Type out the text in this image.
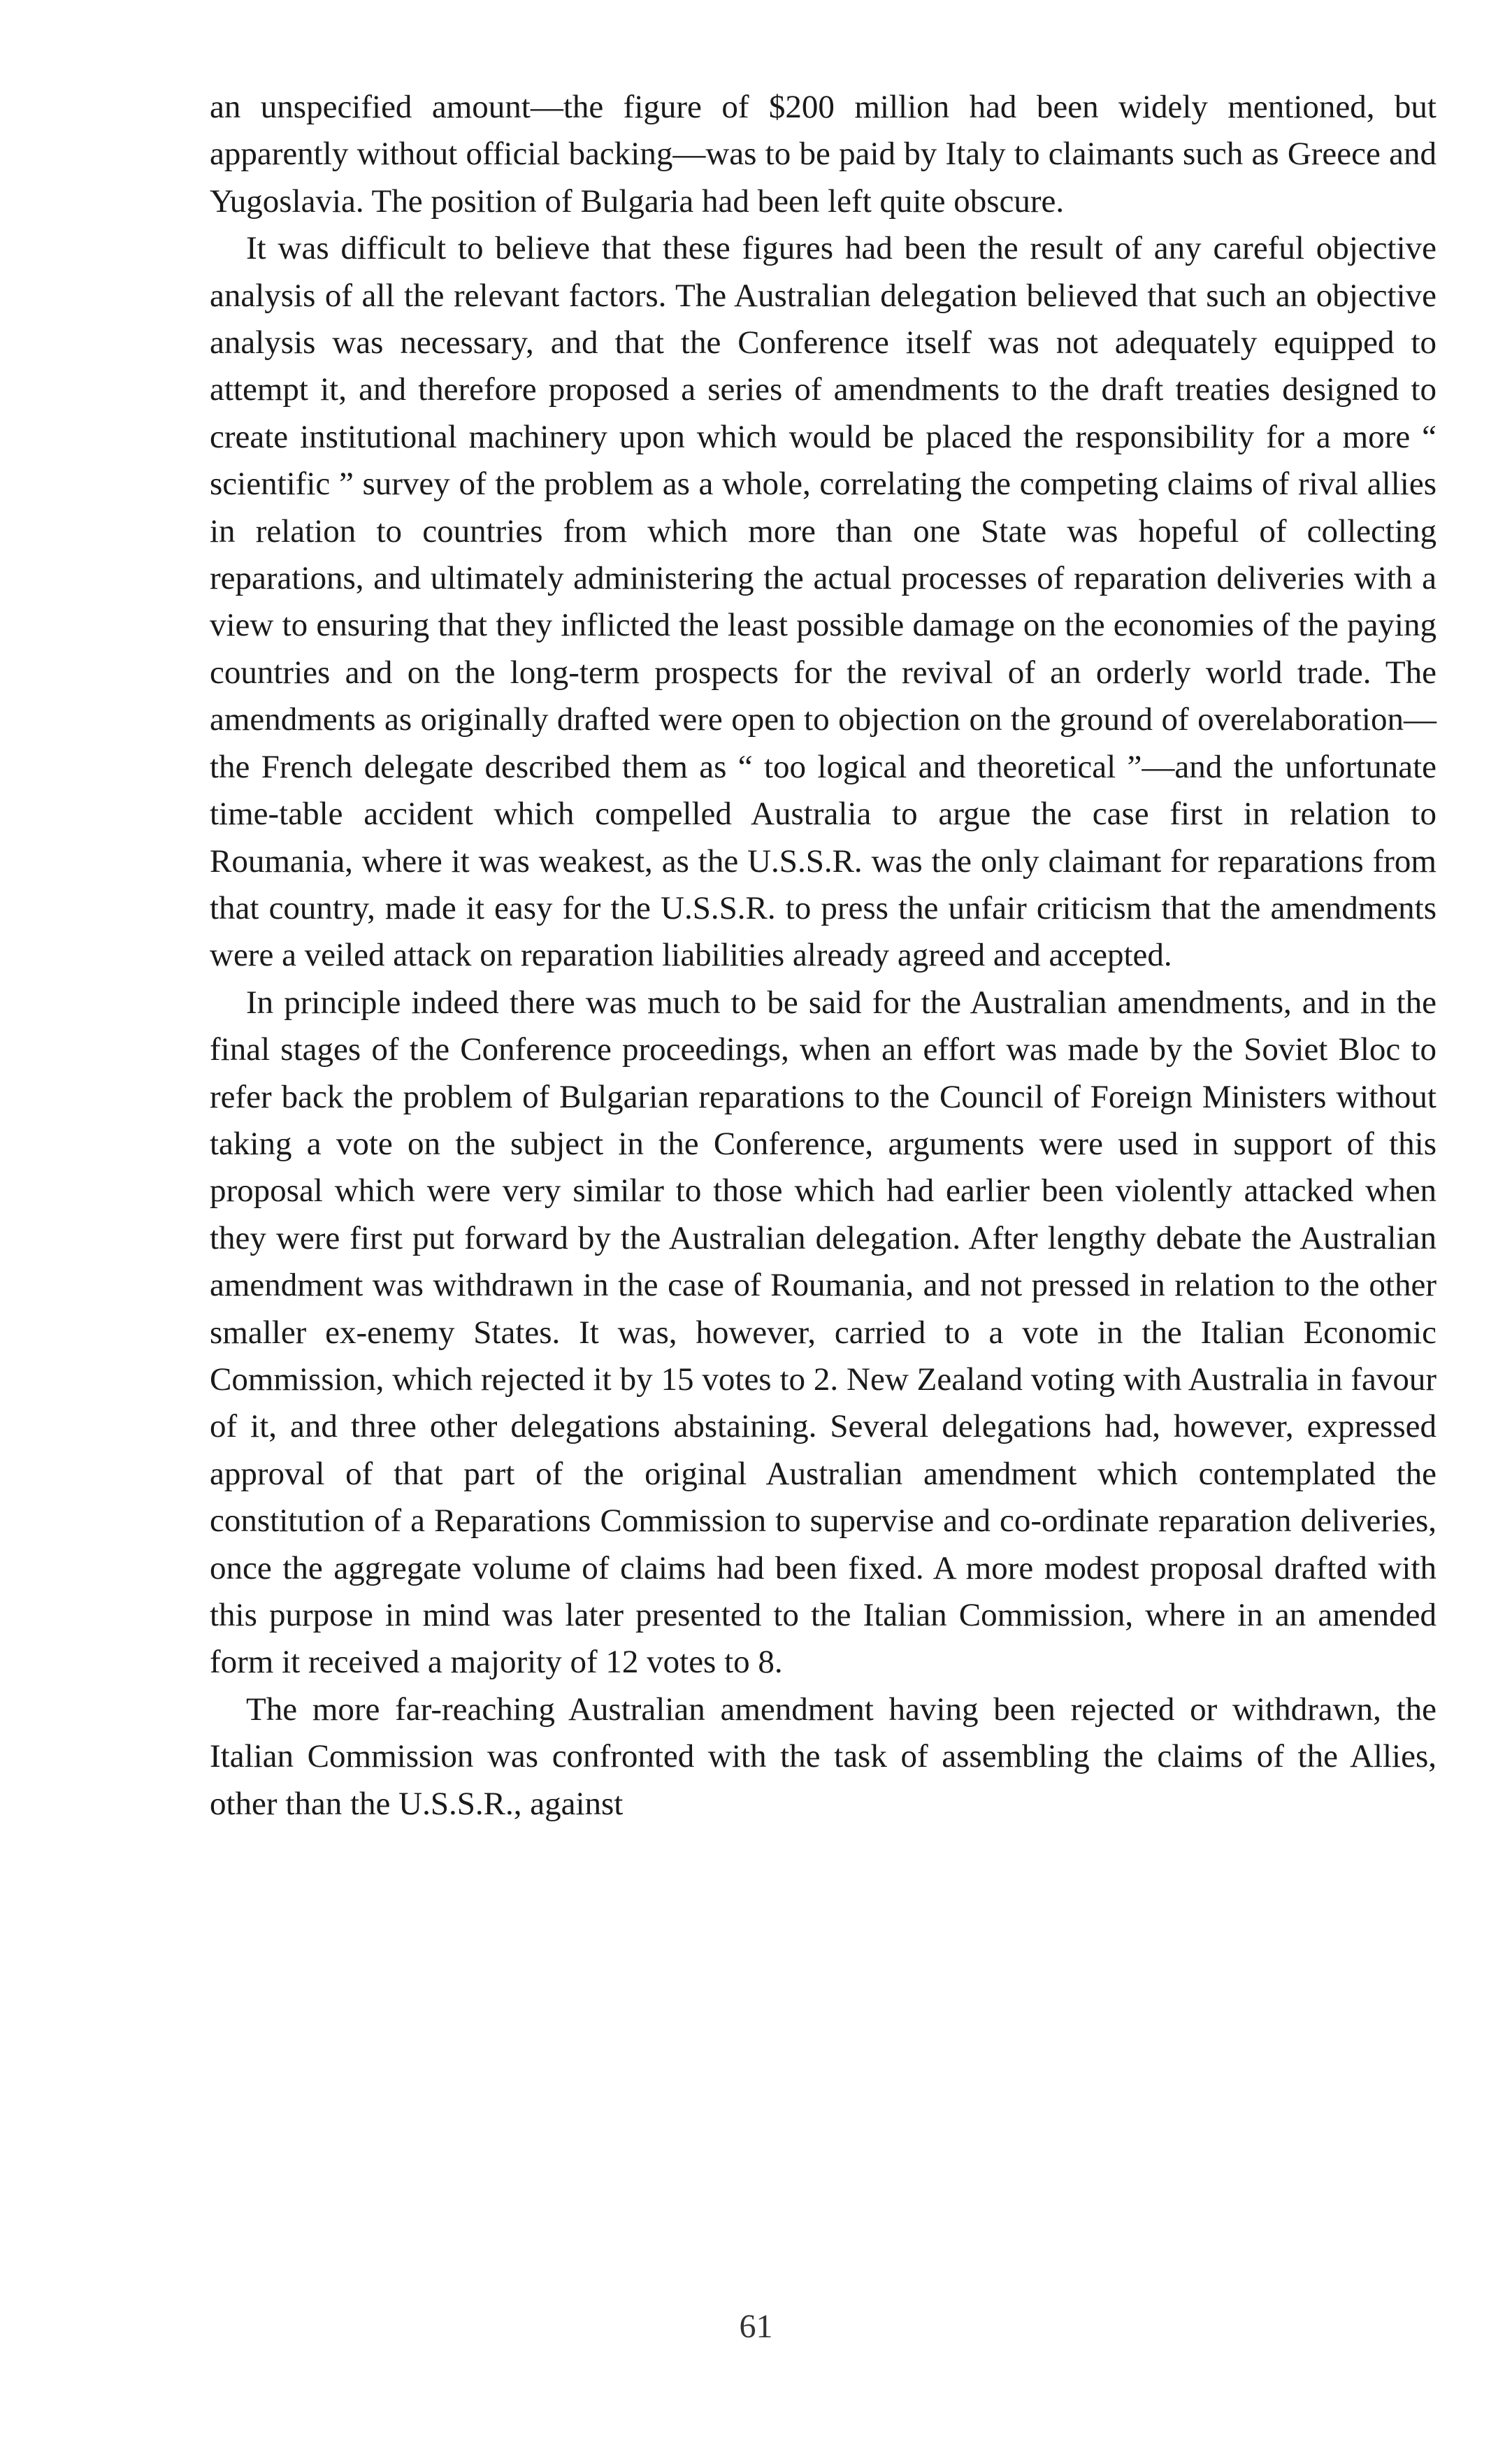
an unspecified amount—the figure of $200 million had been widely mentioned, but apparently without official backing—was to be paid by Italy to claimants such as Greece and Yugoslavia. The position of Bulgaria had been left quite obscure.

It was difficult to believe that these figures had been the result of any careful objective analysis of all the relevant factors. The Australian delegation believed that such an objective analysis was necessary, and that the Conference itself was not adequately equipped to attempt it, and therefore proposed a series of amendments to the draft treaties designed to create institutional machinery upon which would be placed the responsibility for a more “ scientific ” survey of the problem as a whole, correlating the competing claims of rival allies in relation to countries from which more than one State was hopeful of collecting reparations, and ultimately administering the actual processes of reparation deliveries with a view to ensuring that they inflicted the least possible damage on the economies of the paying countries and on the long-term prospects for the revival of an orderly world trade. The amendments as originally drafted were open to objection on the ground of overelaboration—the French delegate described them as “ too logical and theoretical ”—and the unfortunate time-table accident which compelled Australia to argue the case first in relation to Roumania, where it was weakest, as the U.S.S.R. was the only claimant for reparations from that country, made it easy for the U.S.S.R. to press the unfair criticism that the amendments were a veiled attack on reparation liabilities already agreed and accepted.

In principle indeed there was much to be said for the Australian amendments, and in the final stages of the Conference proceedings, when an effort was made by the Soviet Bloc to refer back the problem of Bulgarian reparations to the Council of Foreign Ministers without taking a vote on the subject in the Conference, arguments were used in support of this proposal which were very similar to those which had earlier been violently attacked when they were first put forward by the Australian delegation. After lengthy debate the Australian amendment was withdrawn in the case of Roumania, and not pressed in relation to the other smaller ex-enemy States. It was, however, carried to a vote in the Italian Economic Commission, which rejected it by 15 votes to 2. New Zealand voting with Australia in favour of it, and three other delegations abstaining. Several delegations had, however, expressed approval of that part of the original Australian amendment which contemplated the constitution of a Reparations Commission to supervise and co-ordinate reparation deliveries, once the aggregate volume of claims had been fixed. A more modest proposal drafted with this purpose in mind was later presented to the Italian Commission, where in an amended form it received a majority of 12 votes to 8.

The more far-reaching Australian amendment having been rejected or withdrawn, the Italian Commission was confronted with the task of assembling the claims of the Allies, other than the U.S.S.R., against

61
